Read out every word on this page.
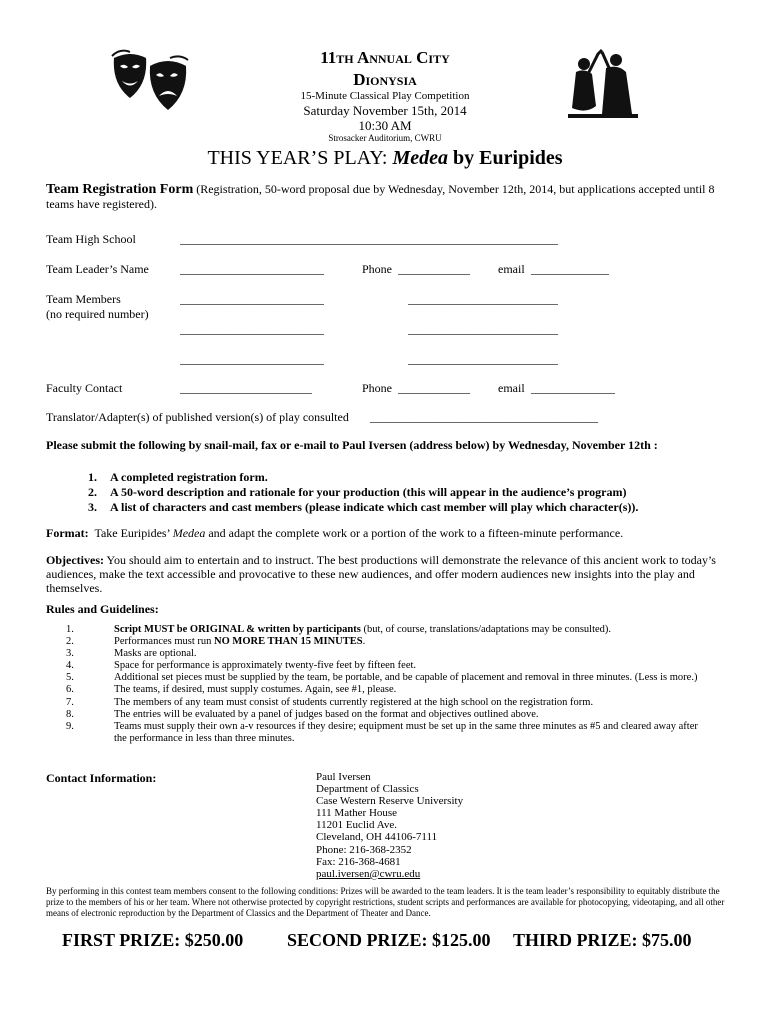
11th Annual City
Dionysia
15-Minute Classical Play Competition
Saturday November 15th, 2014
10:30 AM
Strosacker Auditorium, CWRU
THIS YEAR’S PLAY: Medea by Euripides
Team Registration Form (Registration, 50-word proposal due by Wednesday, November 12th, 2014, but applications accepted until 8 teams have registered).
Team High School	_______________________________________________________________
Team Leader’s Name	________________________	Phone ____________ email _____________
Team Members
(no required number)
________________________	_________________________
________________________	_________________________
________________________	_________________________
Faculty Contact	______________________	Phone ____________ email ______________
Translator/Adapter(s) of published version(s) of play consulted ______________________________________
Please submit the following by snail-mail, fax or e-mail to Paul Iversen (address below) by Wednesday, November 12th :
1. A completed registration form.
2. A 50-word description and rationale for your production (this will appear in the audience’s program)
3. A list of characters and cast members (please indicate which cast member will play which character(s)).
Format: Take Euripides’ Medea and adapt the complete work or a portion of the work to a fifteen-minute performance.
Objectives: You should aim to entertain and to instruct. The best productions will demonstrate the relevance of this ancient work to today’s audiences, make the text accessible and provocative to these new audiences, and offer modern audiences new insights into the play and themselves.
Rules and Guidelines:
1.	Script MUST be ORIGINAL & written by participants (but, of course, translations/adaptations may be consulted).
2.	Performances must run NO MORE THAN 15 MINUTES.
3.	Masks are optional.
4.	Space for performance is approximately twenty-five feet by fifteen feet.
5.	Additional set pieces must be supplied by the team, be portable, and be capable of placement and removal in three minutes. (Less is more.)
6.	The teams, if desired, must supply costumes. Again, see #1, please.
7.	The members of any team must consist of students currently registered at the high school on the registration form.
8.	The entries will be evaluated by a panel of judges based on the format and objectives outlined above.
9.	Teams must supply their own a-v resources if they desire; equipment must be set up in the same three minutes as #5 and cleared away after the performance in less than three minutes.
Contact Information:	Paul Iversen
Department of Classics
Case Western Reserve University
111 Mather House
11201 Euclid Ave.
Cleveland, OH 44106-7111
Phone: 216-368-2352
Fax: 216-368-4681
paul.iversen@cwru.edu
By performing in this contest team members consent to the following conditions: Prizes will be awarded to the team leaders. It is the team leader’s responsibility to equitably distribute the prize to the members of his or her team. Where not otherwise protected by copyright restrictions, student scripts and performances are available for photocopying, videotaping, and all other means of electronic reproduction by the Department of Classics and the Department of Theater and Dance.
FIRST PRIZE: $250.00 SECOND PRIZE: $125.00 THIRD PRIZE: $75.00
